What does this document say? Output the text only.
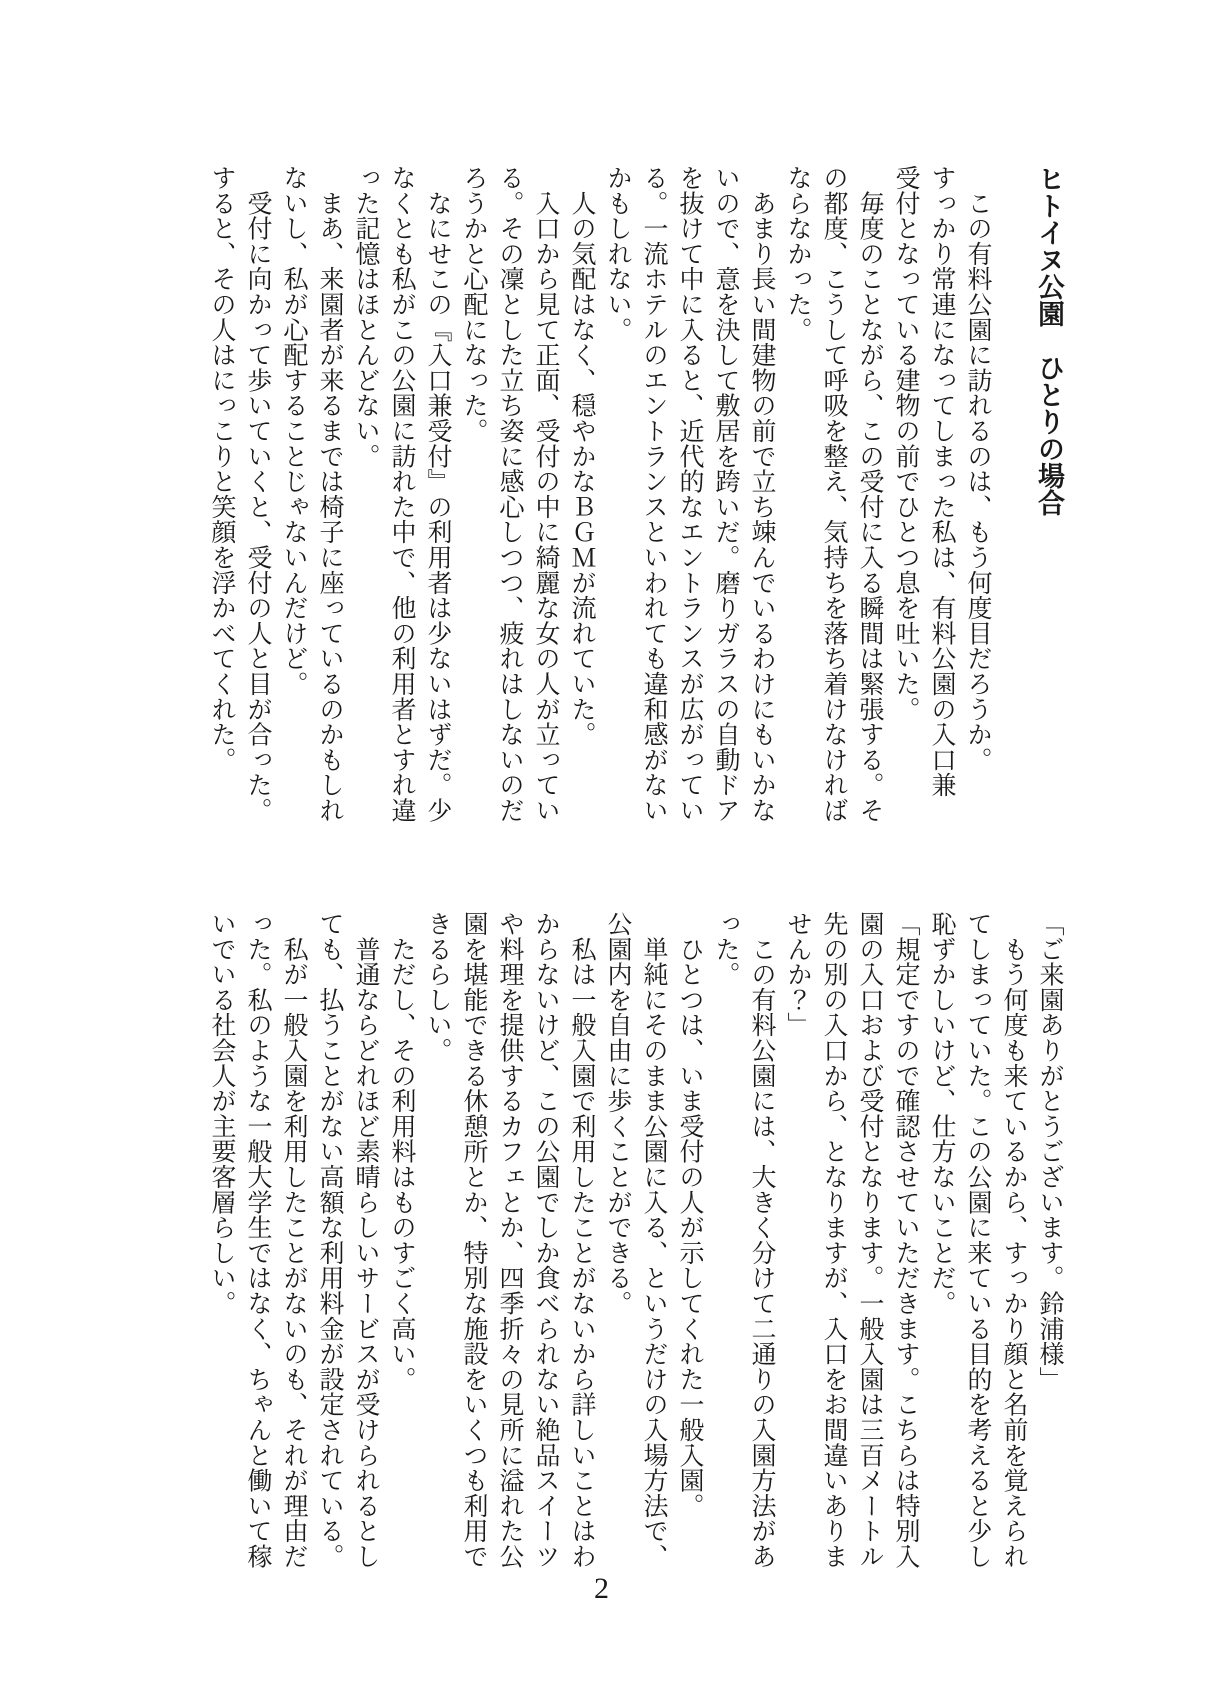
ヒトイヌ公園　ひとりの場合
　この有料公園に訪れるのは、もう何度目だろうか。
すっかり常連になってしまった私は、有料公園の入口兼
受付となっている建物の前でひとつ息を吐いた。
　毎度のことながら、この受付に入る瞬間は緊張する。そ
の都度、こうして呼吸を整え、気持ちを落ち着けなければ
ならなかった。
　あまり長い間建物の前で立ち竦んでいるわけにもいかな
いので、意を決して敷居を跨いだ。磨りガラスの自動ドア
を抜けて中に入ると、近代的なエントランスが広がってい
る。一流ホテルのエントランスといわれても違和感がない
かもしれない。
　人の気配はなく、穏やかなＢＧＭが流れていた。
　入口から見て正面、受付の中に綺麗な女の人が立ってい
る。その凜とした立ち姿に感心しつつ、疲れはしないのだ
ろうかと心配になった。
　なにせこの『入口兼受付』の利用者は少ないはずだ。少
なくとも私がこの公園に訪れた中で、他の利用者とすれ違
った記憶はほとんどない。
　まあ、来園者が来るまでは椅子に座っているのかもしれ
ないし、私が心配することじゃないんだけど。
　受付に向かって歩いていくと、受付の人と目が合った。
すると、その人はにっこりと笑顔を浮かべてくれた。
「ご来園ありがとうございます。鈴浦様」
　もう何度も来ているから、すっかり顔と名前を覚えられ
てしまっていた。この公園に来ている目的を考えると少し
恥ずかしいけど、仕方ないことだ。
「規定ですので確認させていただきます。こちらは特別入
園の入口および受付となります。一般入園は三百メートル
先の別の入口から、となりますが、入口をお間違いありま
せんか？」
　この有料公園には、大きく分けて二通りの入園方法があ
った。
　ひとつは、いま受付の人が示してくれた一般入園。
　単純にそのまま公園に入る、というだけの入場方法で、
公園内を自由に歩くことができる。
　私は一般入園で利用したことがないから詳しいことはわ
からないけど、この公園でしか食べられない絶品スイーツ
や料理を提供するカフェとか、四季折々の見所に溢れた公
園を堪能できる休憩所とか、特別な施設をいくつも利用で
きるらしい。
　ただし、その利用料はものすごく高い。
　普通ならどれほど素晴らしいサービスが受けられるとし
ても、払うことがない高額な利用料金が設定されている。
　私が一般入園を利用したことがないのも、それが理由だ
った。私のような一般大学生ではなく、ちゃんと働いて稼
いでいる社会人が主要客層らしい。
2
